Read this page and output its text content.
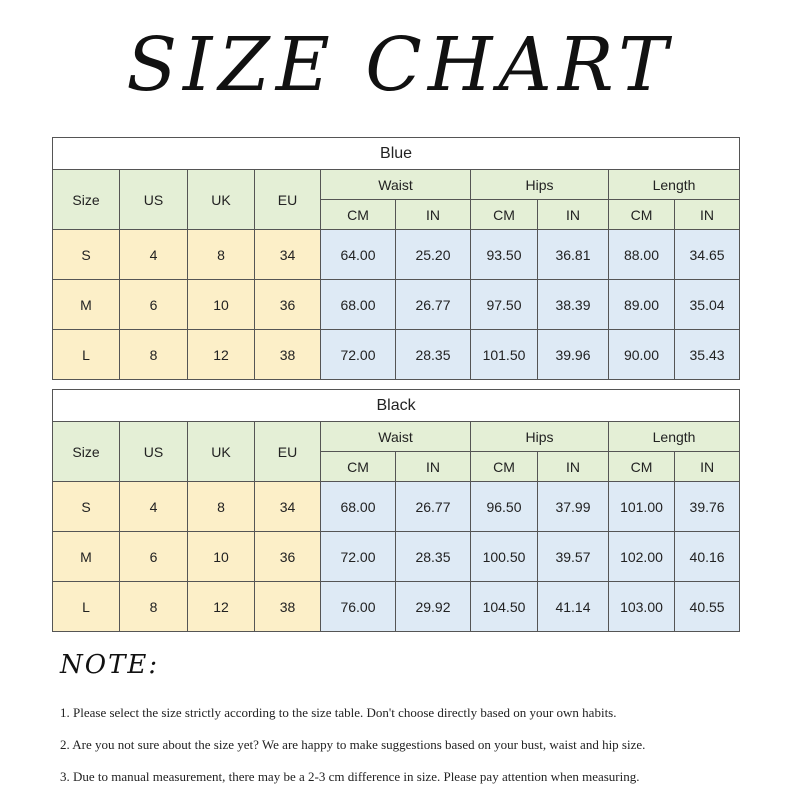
SIZE CHART
Blue									
Size	US	UK	EU	Waist		Hips		Length	
				CM	IN	CM	IN	CM	IN
S	4	8	34	64.00	25.20	93.50	36.81	88.00	34.65
M	6	10	36	68.00	26.77	97.50	38.39	89.00	35.04
L	8	12	38	72.00	28.35	101.50	39.96	90.00	35.43
Black									
Size	US	UK	EU	Waist		Hips		Length	
				CM	IN	CM	IN	CM	IN
S	4	8	34	68.00	26.77	96.50	37.99	101.00	39.76
M	6	10	36	72.00	28.35	100.50	39.57	102.00	40.16
L	8	12	38	76.00	29.92	104.50	41.14	103.00	40.55
NOTE:
1. Please select the size strictly according to the size table. Don't choose directly based on your own habits.
2. Are you not sure about the size yet? We are happy to make suggestions based on your bust, waist and hip size.
3. Due to manual measurement, there may be a 2-3 cm difference in size. Please pay attention when measuring.
